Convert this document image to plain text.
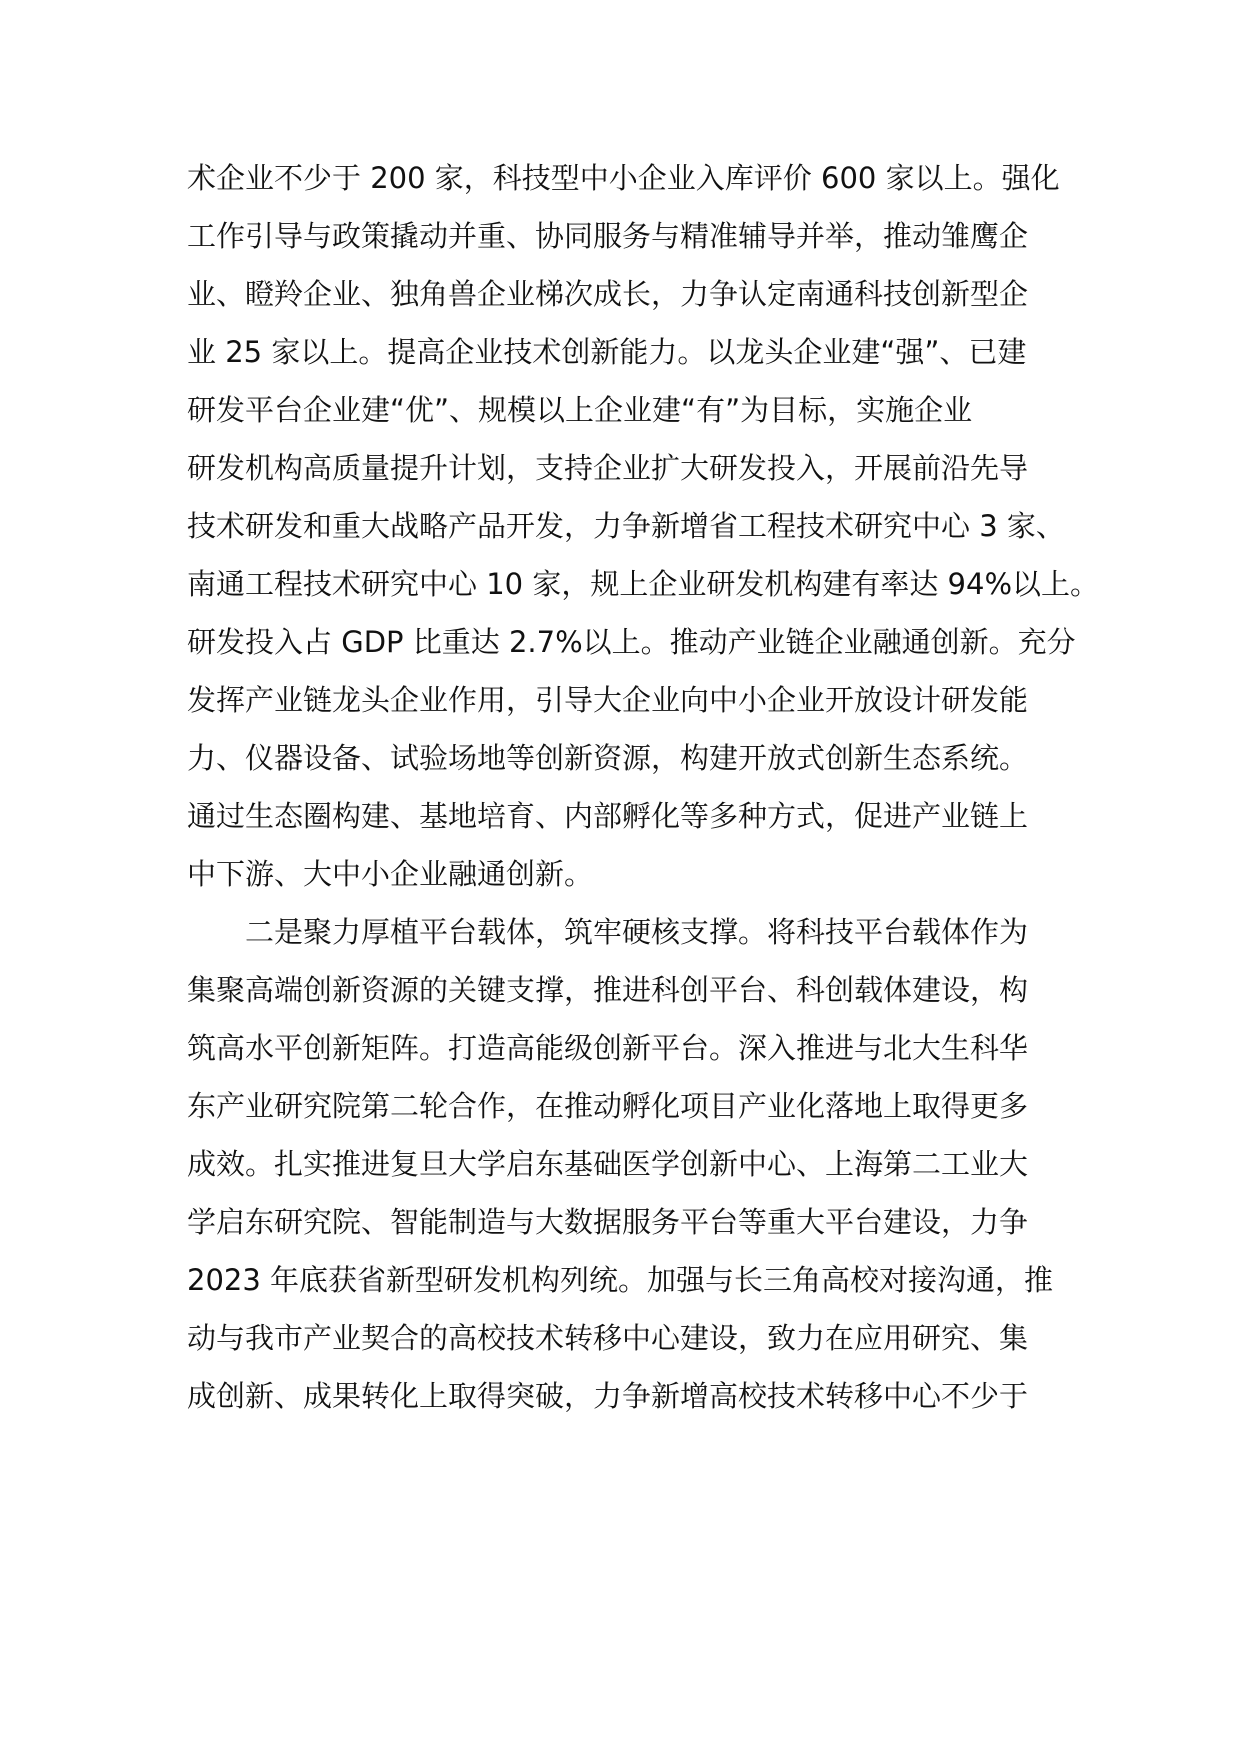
术企业不少于 200 家，科技型中小企业入库评价 600 家以上。强化

工作引导与政策撬动并重、协同服务与精准辅导并举，推动雏鹰企

业、瞪羚企业、独角兽企业梯次成长，力争认定南通科技创新型企

业 25 家以上。提高企业技术创新能力。以龙头企业建“强”、已建

研发平台企业建“优”、规模以上企业建“有”为目标，实施企业

研发机构高质量提升计划，支持企业扩大研发投入，开展前沿先导

技术研发和重大战略产品开发，力争新增省工程技术研究中心 3 家、

南通工程技术研究中心 10 家，规上企业研发机构建有率达 94%以上。

研发投入占 GDP 比重达 2.7%以上。推动产业链企业融通创新。充分

发挥产业链龙头企业作用，引导大企业向中小企业开放设计研发能

力、仪器设备、试验场地等创新资源，构建开放式创新生态系统。

通过生态圈构建、基地培育、内部孵化等多种方式，促进产业链上

中下游、大中小企业融通创新。

二是聚力厚植平台载体，筑牢硬核支撑。将科技平台载体作为

集聚高端创新资源的关键支撑，推进科创平台、科创载体建设，构

筑高水平创新矩阵。打造高能级创新平台。深入推进与北大生科华

东产业研究院第二轮合作，在推动孵化项目产业化落地上取得更多

成效。扎实推进复旦大学启东基础医学创新中心、上海第二工业大

学启东研究院、智能制造与大数据服务平台等重大平台建设，力争

2023 年底获省新型研发机构列统。加强与长三角高校对接沟通，推

动与我市产业契合的高校技术转移中心建设，致力在应用研究、集

成创新、成果转化上取得突破，力争新增高校技术转移中心不少于
